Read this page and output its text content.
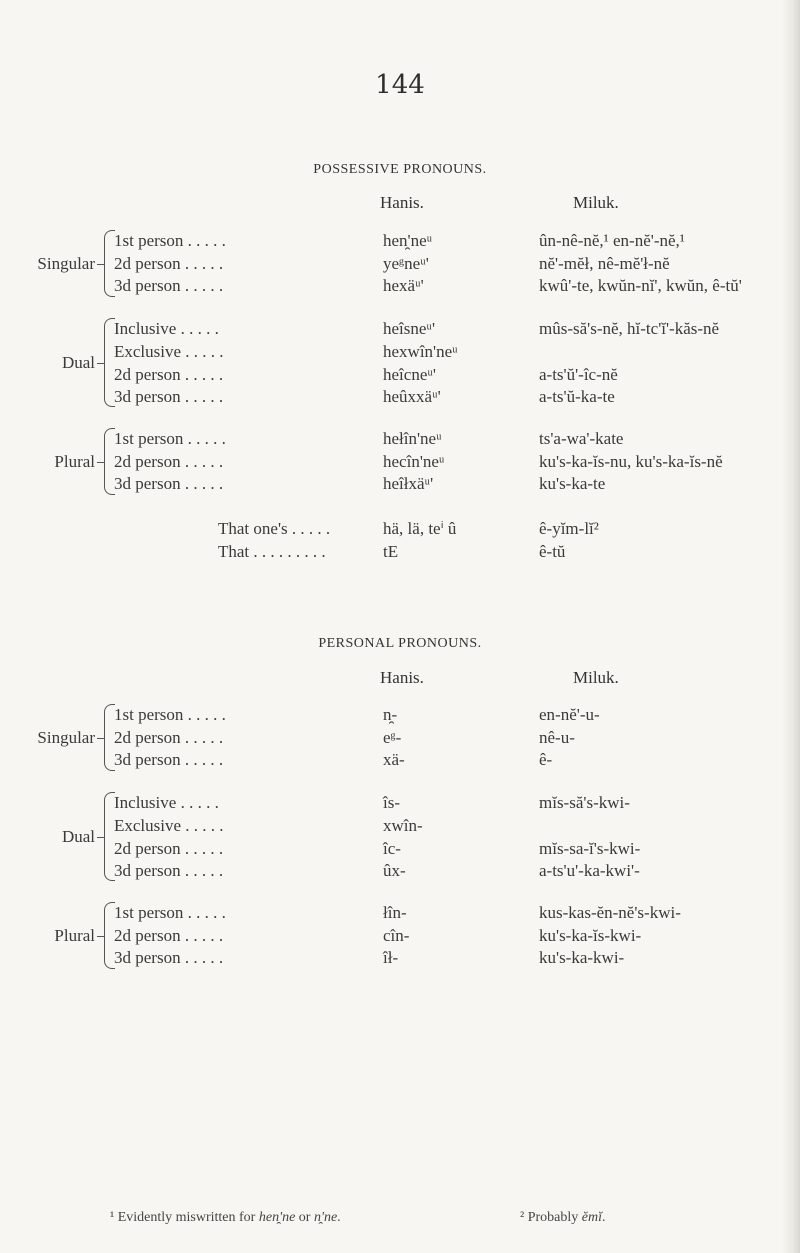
144
POSSESSIVE PRONOUNS.
Hanis.	Miluk.
Singular
1st person . . . . .	hen̯'neᵘ	ûn-nê-nĕ,¹ en-nĕ'-nĕ,¹
2d person . . . . .	yeᵍneᵘ'	nĕ'-mĕł, nê-mĕ'ł-nĕ
3d person . . . . .	hexäᵘ'	kwû'-te, kwŭn-nĭ', kwŭn, ê-tŭ'
Dual
Inclusive . . . . .	heîsneᵘ'	mûs-să's-nĕ, hĭ-tc'ĭ'-kăs-nĕ
Exclusive . . . . .	hexwîn'neᵘ
2d person . . . . .	heîcneᵘ'	a-ts'ŭ'-îc-nĕ
3d person . . . . .	heûxxäᵘ'	a-ts'ŭ-ka-te
Plural
1st person . . . . .	hełîn'neᵘ	ts'a-wa'-kate
2d person . . . . .	hecîn'neᵘ	ku's-ka-ĭs-nu, ku's-ka-ĭs-nĕ
3d person . . . . .	heîłxäᵘ'	ku's-ka-te
That one's . . . . .	hä, lä, teⁱ û	ê-yĭm-lĭ²
That . . . . . . . . .	tE	ê-tŭ
PERSONAL PRONOUNS.
Hanis.	Miluk.
Singular
1st person . . . . .	n̯-	en-nĕ'-u-
2d person . . . . .	eᵍ-	nê-u-
3d person . . . . .	xä-	ê-
Dual
Inclusive . . . . .	îs-	mĭs-să's-kwi-
Exclusive . . . . .	xwîn-
2d person . . . . .	îc-	mĭs-sa-ĭ's-kwi-
3d person . . . . .	ûx-	a-ts'u'-ka-kwi'-
Plural
1st person . . . . .	łîn-	kus-kas-ĕn-nĕ's-kwi-
2d person . . . . .	cîn-	ku's-ka-ĭs-kwi-
3d person . . . . .	îł-	ku's-ka-kwi-
¹ Evidently miswritten for hen̯'ne or n̯'ne.	² Probably ĕmĭ.
